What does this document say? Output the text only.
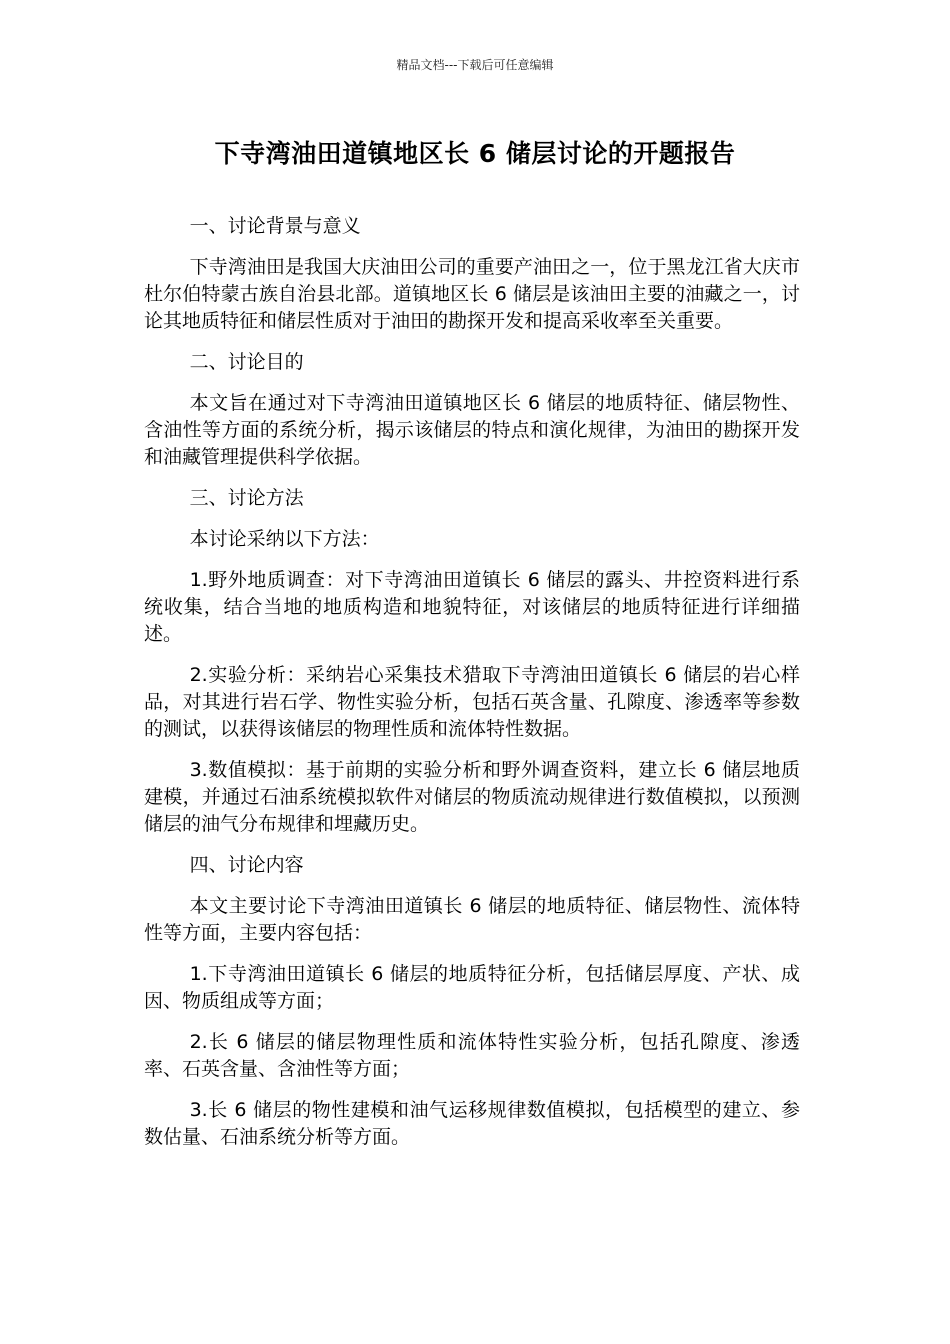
精品文档---下载后可任意编辑
下寺湾油田道镇地区长 6 储层讨论的开题报告

一、讨论背景与意义

下寺湾油田是我国大庆油田公司的重要产油田之一，位于黑龙江省大庆市杜尔伯特蒙古族自治县北部。道镇地区长 6 储层是该油田主要的油藏之一，讨论其地质特征和储层性质对于油田的勘探开发和提高采收率至关重要。

二、讨论目的

本文旨在通过对下寺湾油田道镇地区长 6 储层的地质特征、储层物性、含油性等方面的系统分析，揭示该储层的特点和演化规律，为油田的勘探开发和油藏管理提供科学依据。

三、讨论方法

本讨论采纳以下方法：

1.野外地质调查：对下寺湾油田道镇长 6 储层的露头、井控资料进行系统收集，结合当地的地质构造和地貌特征，对该储层的地质特征进行详细描述。

2.实验分析：采纳岩心采集技术猎取下寺湾油田道镇长 6 储层的岩心样品，对其进行岩石学、物性实验分析，包括石英含量、孔隙度、渗透率等参数的测试，以获得该储层的物理性质和流体特性数据。

3.数值模拟：基于前期的实验分析和野外调查资料，建立长 6 储层地质建模，并通过石油系统模拟软件对储层的物质流动规律进行数值模拟，以预测储层的油气分布规律和埋藏历史。

四、讨论内容

本文主要讨论下寺湾油田道镇长 6 储层的地质特征、储层物性、流体特性等方面，主要内容包括：

1.下寺湾油田道镇长 6 储层的地质特征分析，包括储层厚度、产状、成因、物质组成等方面；

2.长 6 储层的储层物理性质和流体特性实验分析，包括孔隙度、渗透率、石英含量、含油性等方面；

3.长 6 储层的物性建模和油气运移规律数值模拟，包括模型的建立、参数估量、石油系统分析等方面。
